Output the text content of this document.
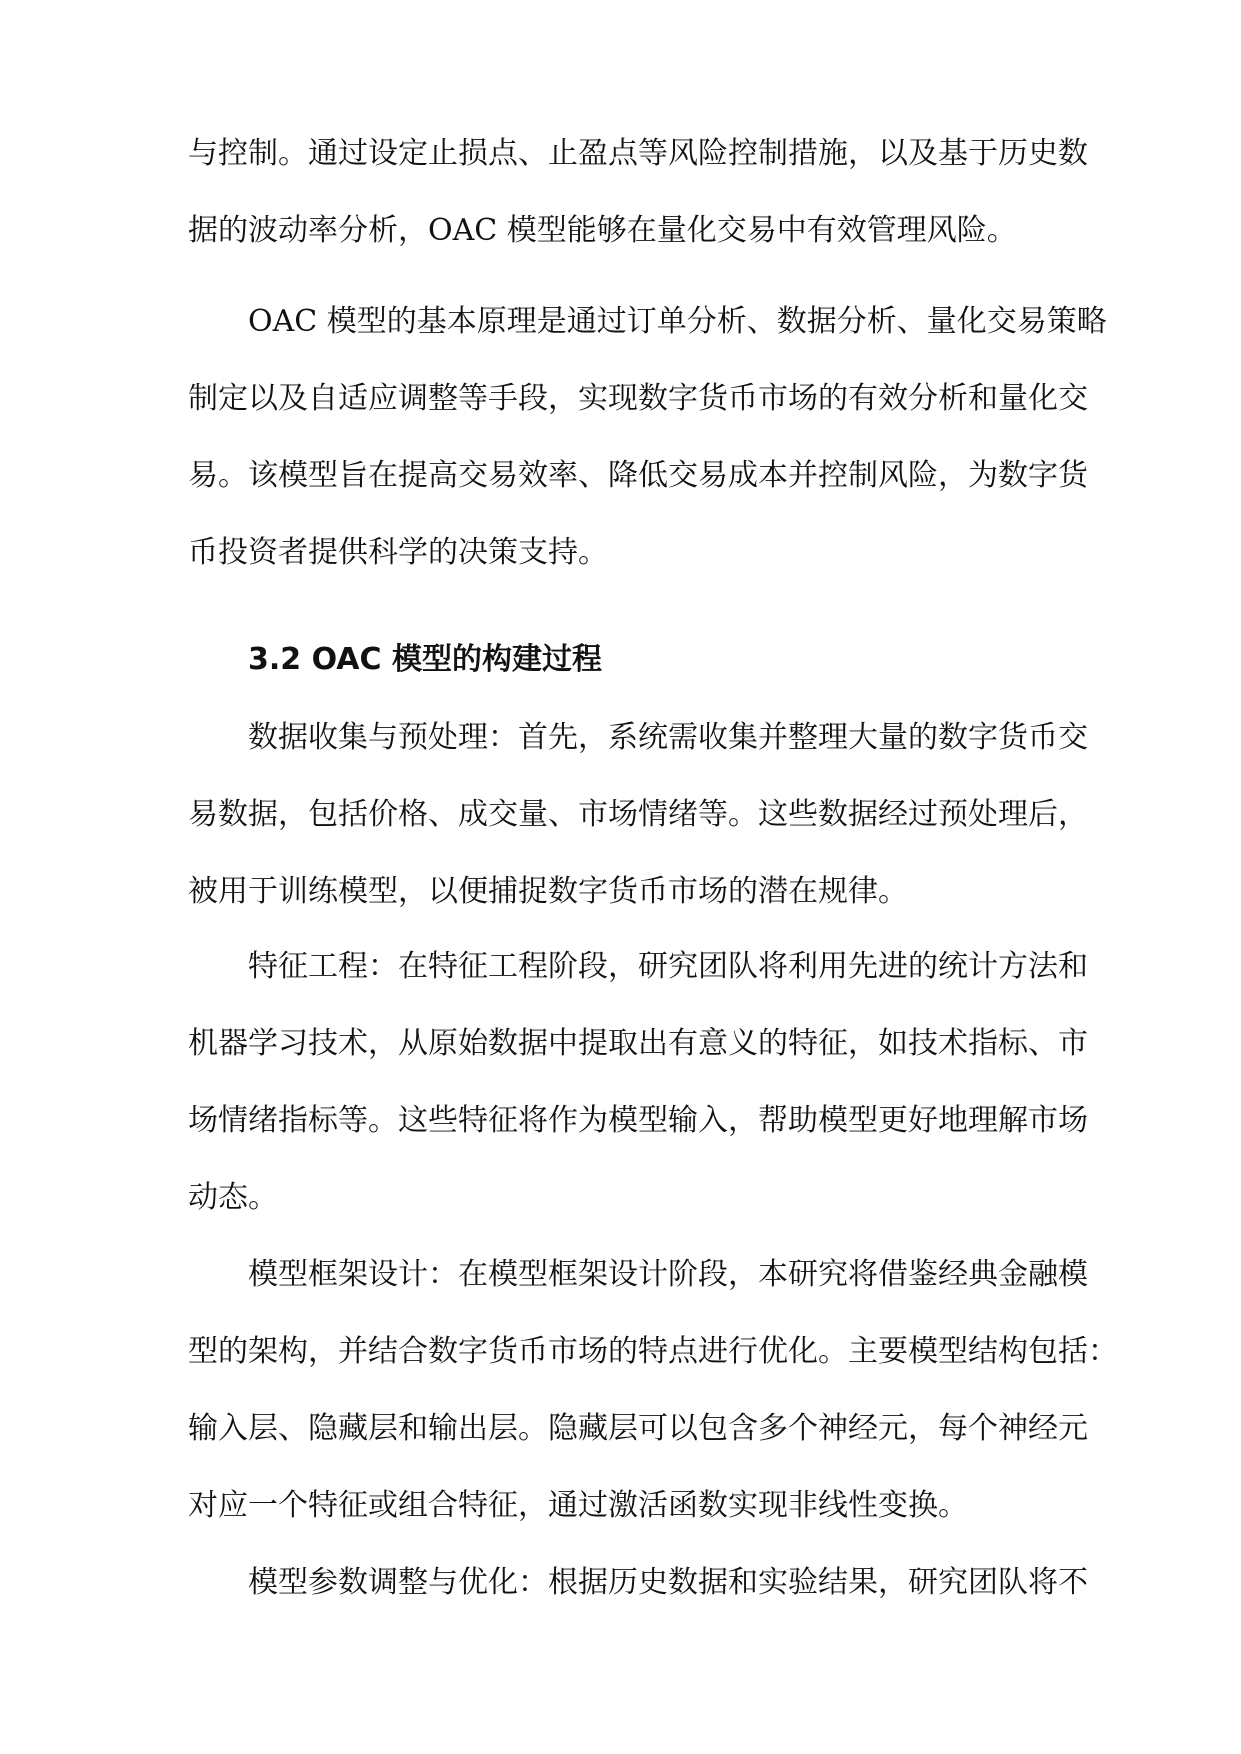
与控制。通过设定止损点、止盈点等风险控制措施，以及基于历史数
据的波动率分析，OAC 模型能够在量化交易中有效管理风险。
OAC 模型的基本原理是通过订单分析、数据分析、量化交易策略
制定以及自适应调整等手段，实现数字货币市场的有效分析和量化交
易。该模型旨在提高交易效率、降低交易成本并控制风险，为数字货
币投资者提供科学的决策支持。
3.2 OAC 模型的构建过程
数据收集与预处理：首先，系统需收集并整理大量的数字货币交
易数据，包括价格、成交量、市场情绪等。这些数据经过预处理后，
被用于训练模型，以便捕捉数字货币市场的潜在规律。
特征工程：在特征工程阶段，研究团队将利用先进的统计方法和
机器学习技术，从原始数据中提取出有意义的特征，如技术指标、市
场情绪指标等。这些特征将作为模型输入，帮助模型更好地理解市场
动态。
模型框架设计：在模型框架设计阶段，本研究将借鉴经典金融模
型的架构，并结合数字货币市场的特点进行优化。主要模型结构包括：
输入层、隐藏层和输出层。隐藏层可以包含多个神经元，每个神经元
对应一个特征或组合特征，通过激活函数实现非线性变换。
模型参数调整与优化：根据历史数据和实验结果，研究团队将不
